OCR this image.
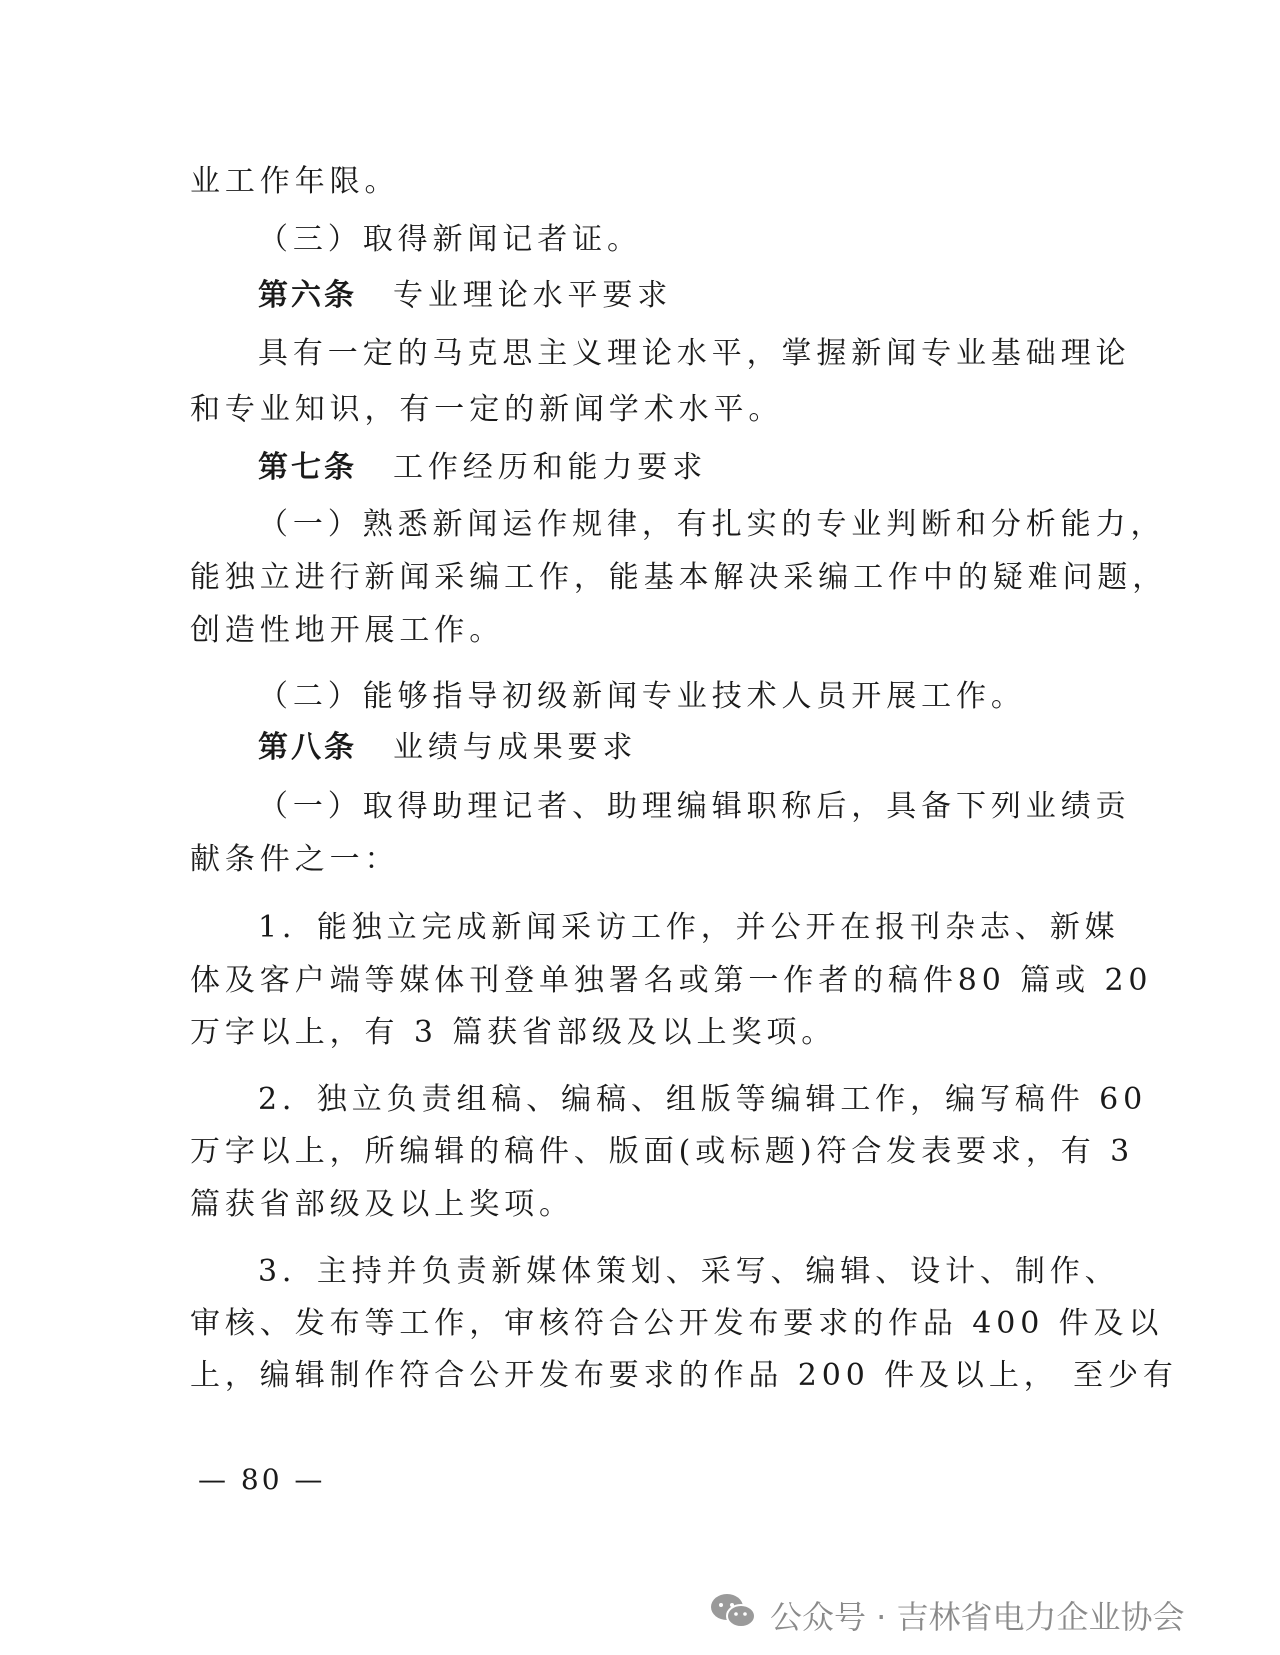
业工作年限。
（三）取得新闻记者证。
第六条 专业理论水平要求
具有一定的马克思主义理论水平，掌握新闻专业基础理论
和专业知识，有一定的新闻学术水平。
第七条 工作经历和能力要求
（一）熟悉新闻运作规律，有扎实的专业判断和分析能力，
能独立进行新闻采编工作，能基本解决采编工作中的疑难问题，
创造性地开展工作。
（二）能够指导初级新闻专业技术人员开展工作。
第八条 业绩与成果要求
（一）取得助理记者、助理编辑职称后，具备下列业绩贡
献条件之一：
1．能独立完成新闻采访工作，并公开在报刊杂志、新媒
体及客户端等媒体刊登单独署名或第一作者的稿件80 篇或 20
万字以上，有 3 篇获省部级及以上奖项。
2．独立负责组稿、编稿、组版等编辑工作，编写稿件 60
万字以上，所编辑的稿件、版面(或标题)符合发表要求，有 3
篇获省部级及以上奖项。
3．主持并负责新媒体策划、采写、编辑、设计、制作、
审核、发布等工作，审核符合公开发布要求的作品 400 件及以
上，编辑制作符合公开发布要求的作品 200 件及以上， 至少有
— 80 —
公众号 · 吉林省电力企业协会
